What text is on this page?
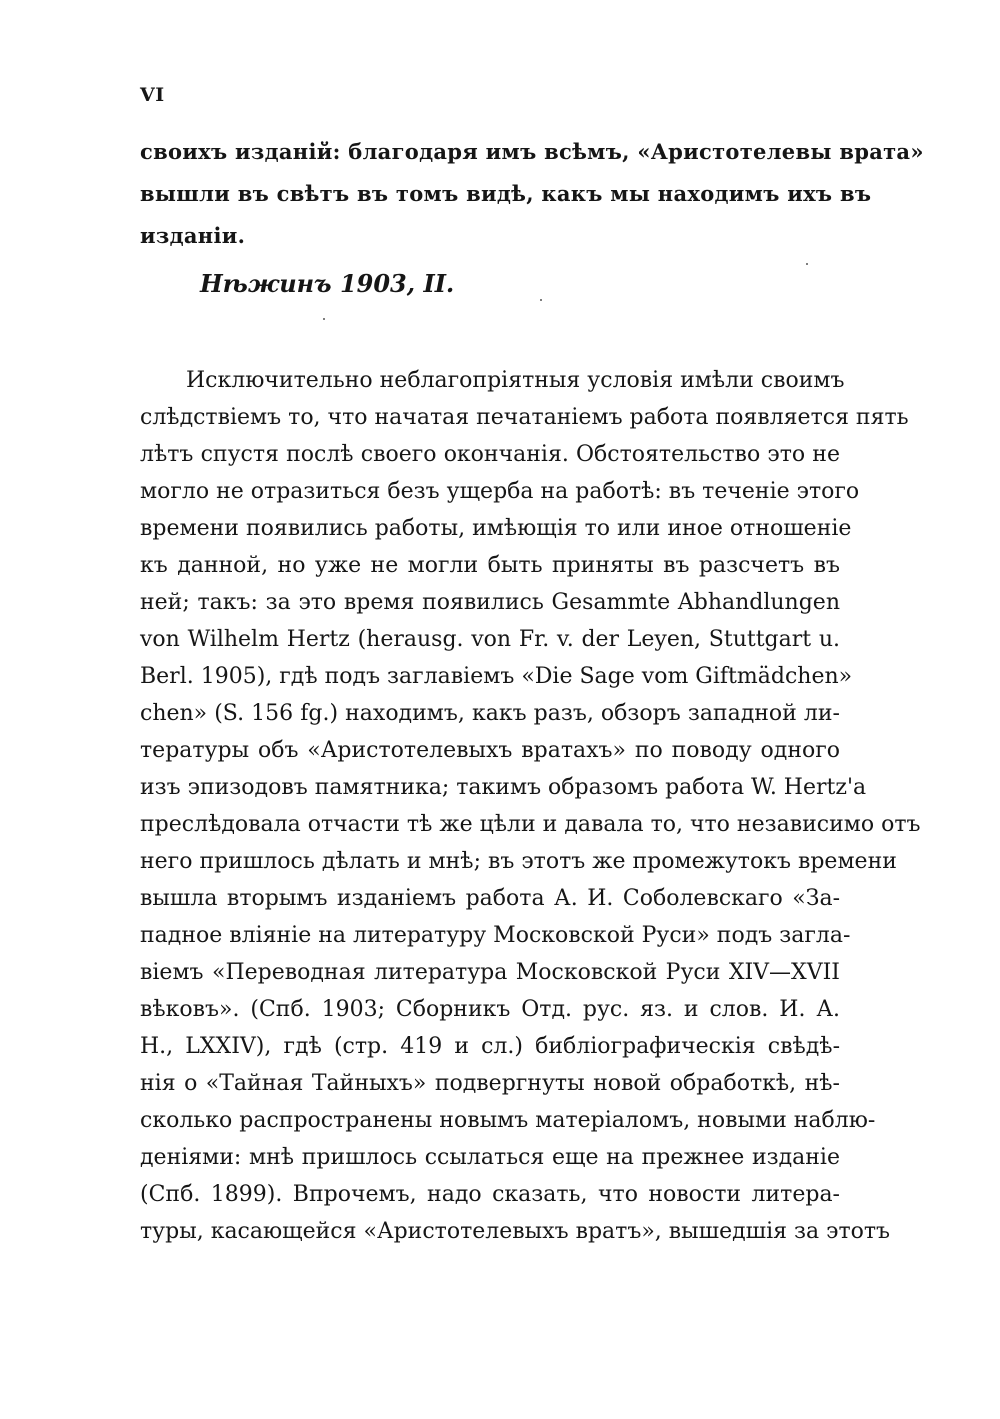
VI
своихъ изданій: благодаря имъ всѣмъ, «Аристотелевы врата»
вышли въ свѣтъ въ томъ видѣ, какъ мы находимъ ихъ въ
изданіи.
Нѣжинъ 1903, II.
Исключительно неблагопріятныя условія имѣли своимъ
слѣдствіемъ то, что начатая печатаніемъ работа появляется пять
лѣтъ спустя послѣ своего окончанія. Обстоятельство это не
могло не отразиться безъ ущерба на работѣ: въ теченіе этого
времени появились работы, имѣющія то или иное отношеніе
къ данной, но уже не могли быть приняты въ разсчетъ въ
ней; такъ: за это время появились Gesammte Abhandlungen
von Wilhelm Hertz (herausg. von Fr. v. der Leyen, Stuttgart u.
Berl. 1905), гдѣ подъ заглавіемъ «Die Sage vom Giftmädchen»
chen» (S. 156 fg.) находимъ, какъ разъ, обзоръ западной ли-
тературы объ «Аристотелевыхъ вратахъ» по поводу одного
изъ эпизодовъ памятника; такимъ образомъ работа W. Hertz'a
преслѣдовала отчасти тѣ же цѣли и давала то, что независимо отъ
него пришлось дѣлать и мнѣ; въ этотъ же промежутокъ времени
вышла вторымъ изданіемъ работа А. И. Соболевскаго «За-
падное вліяніе на литературу Московской Руси» подъ загла-
віемъ «Переводная литература Московской Руси XIV—XVII
вѣковъ». (Спб. 1903; Сборникъ Отд. рус. яз. и слов. И. А.
Н., LXXIV), гдѣ (стр. 419 и сл.) библіографическія свѣдѣ-
нія о «Тайная Тайныхъ» подвергнуты новой обработкѣ, нѣ-
сколько распространены новымъ матеріаломъ, новыми наблю-
деніями: мнѣ пришлось ссылаться еще на прежнее изданіе
(Спб. 1899). Впрочемъ, надо сказать, что новости литера-
туры, касающейся «Аристотелевыхъ вратъ», вышедшія за этотъ
